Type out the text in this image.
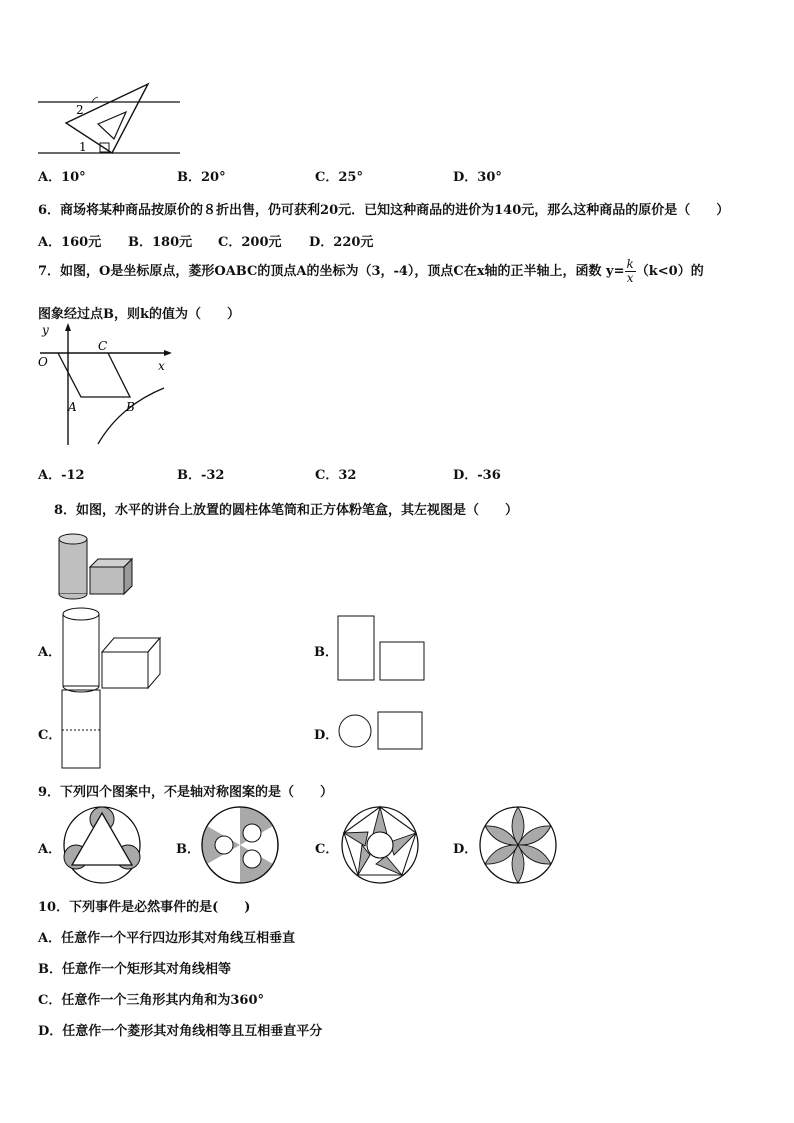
2
1
A．10°	B．20°	C．25°	D．30°
6．商场将某种商品按原价的８折出售，仍可获利20元．已知这种商品的进价为140元，那么这种商品的原价是（　　）
A．160元 B．180元 C．200元 D．220元
7．如图，O是坐标原点，菱形OABC的顶点A的坐标为（3，-4），顶点C在x轴的正半轴上，函数 $y= \frac{k}{x} (k<0)$的
图象经过点B，则k的值为（　　）
y
x
O
C
A	B
A．-12	B．-32	C．32	D．-36
8．如图，水平的讲台上放置的圆柱体笔筒和正方体粉笔盒，其左视图是（　　）
A．	B．
C．	D．
9．下列四个图案中，不是轴对称图案的是（　　）
A．	B．	C．	D．
10．下列事件是必然事件的是(　　)
A．任意作一个平行四边形其对角线互相垂直
B．任意作一个矩形其对角线相等
C．任意作一个三角形其内角和为360°
D．任意作一个菱形其对角线相等且互相垂直平分
